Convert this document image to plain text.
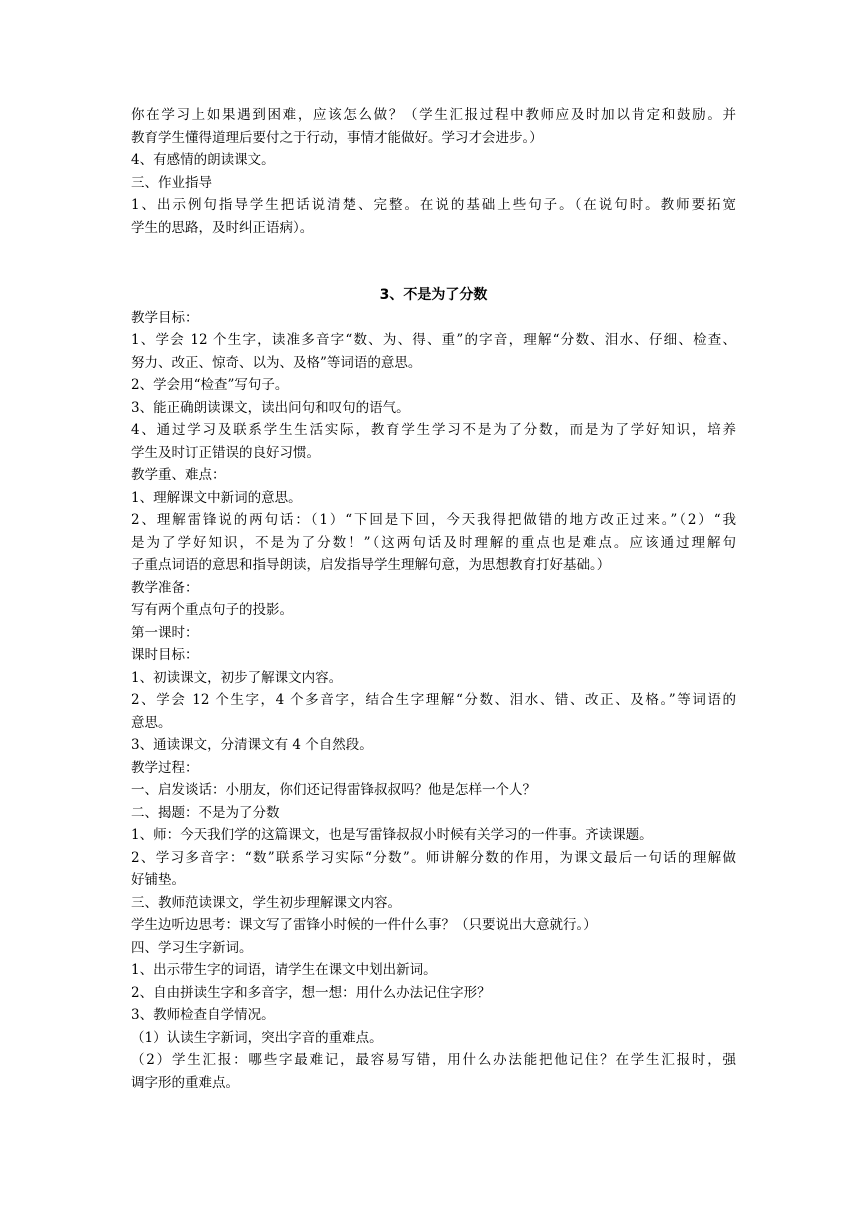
你在学习上如果遇到困难，应该怎么做？（学生汇报过程中教师应及时加以肯定和鼓励。并
教育学生懂得道理后要付之于行动，事情才能做好。学习才会进步。）
4、有感情的朗读课文。
三、作业指导
1、出示例句指导学生把话说清楚、完整。在说的基础上些句子。（在说句时。教师要拓宽
学生的思路，及时纠正语病）。
3、不是为了分数
教学目标：
1、学会 12 个生字，读准多音字“数、为、得、重”的字音，理解“分数、泪水、仔细、检查、
努力、改正、惊奇、以为、及格”等词语的意思。
2、学会用“检查”写句子。
3、能正确朗读课文，读出问句和叹句的语气。
4、通过学习及联系学生生活实际，教育学生学习不是为了分数，而是为了学好知识，培养
学生及时订正错误的良好习惯。
教学重、难点：
1、理解课文中新词的意思。
2、理解雷锋说的两句话：（1）“下回是下回，今天我得把做错的地方改正过来。”（2）“我
是为了学好知识，不是为了分数！”（这两句话及时理解的重点也是难点。应该通过理解句
子重点词语的意思和指导朗读，启发指导学生理解句意，为思想教育打好基础。）
教学准备：
写有两个重点句子的投影。
第一课时：
课时目标：
1、初读课文，初步了解课文内容。
2、学会 12 个生字，4 个多音字，结合生字理解“分数、泪水、错、改正、及格。”等词语的
意思。
3、通读课文，分清课文有 4 个自然段。
教学过程：
一、启发谈话：小朋友，你们还记得雷锋叔叔吗？他是怎样一个人？
二、揭题：不是为了分数
1、师：今天我们学的这篇课文，也是写雷锋叔叔小时候有关学习的一件事。齐读课题。
2、学习多音字：“数”联系学习实际“分数”。师讲解分数的作用，为课文最后一句话的理解做
好铺垫。
三、教师范读课文，学生初步理解课文内容。
学生边听边思考：课文写了雷锋小时候的一件什么事？（只要说出大意就行。）
四、学习生字新词。
1、出示带生字的词语，请学生在课文中划出新词。
2、自由拼读生字和多音字，想一想：用什么办法记住字形？
3、教师检查自学情况。
（1）认读生字新词，突出字音的重难点。
（2）学生汇报：哪些字最难记，最容易写错，用什么办法能把他记住？在学生汇报时，强
调字形的重难点。
